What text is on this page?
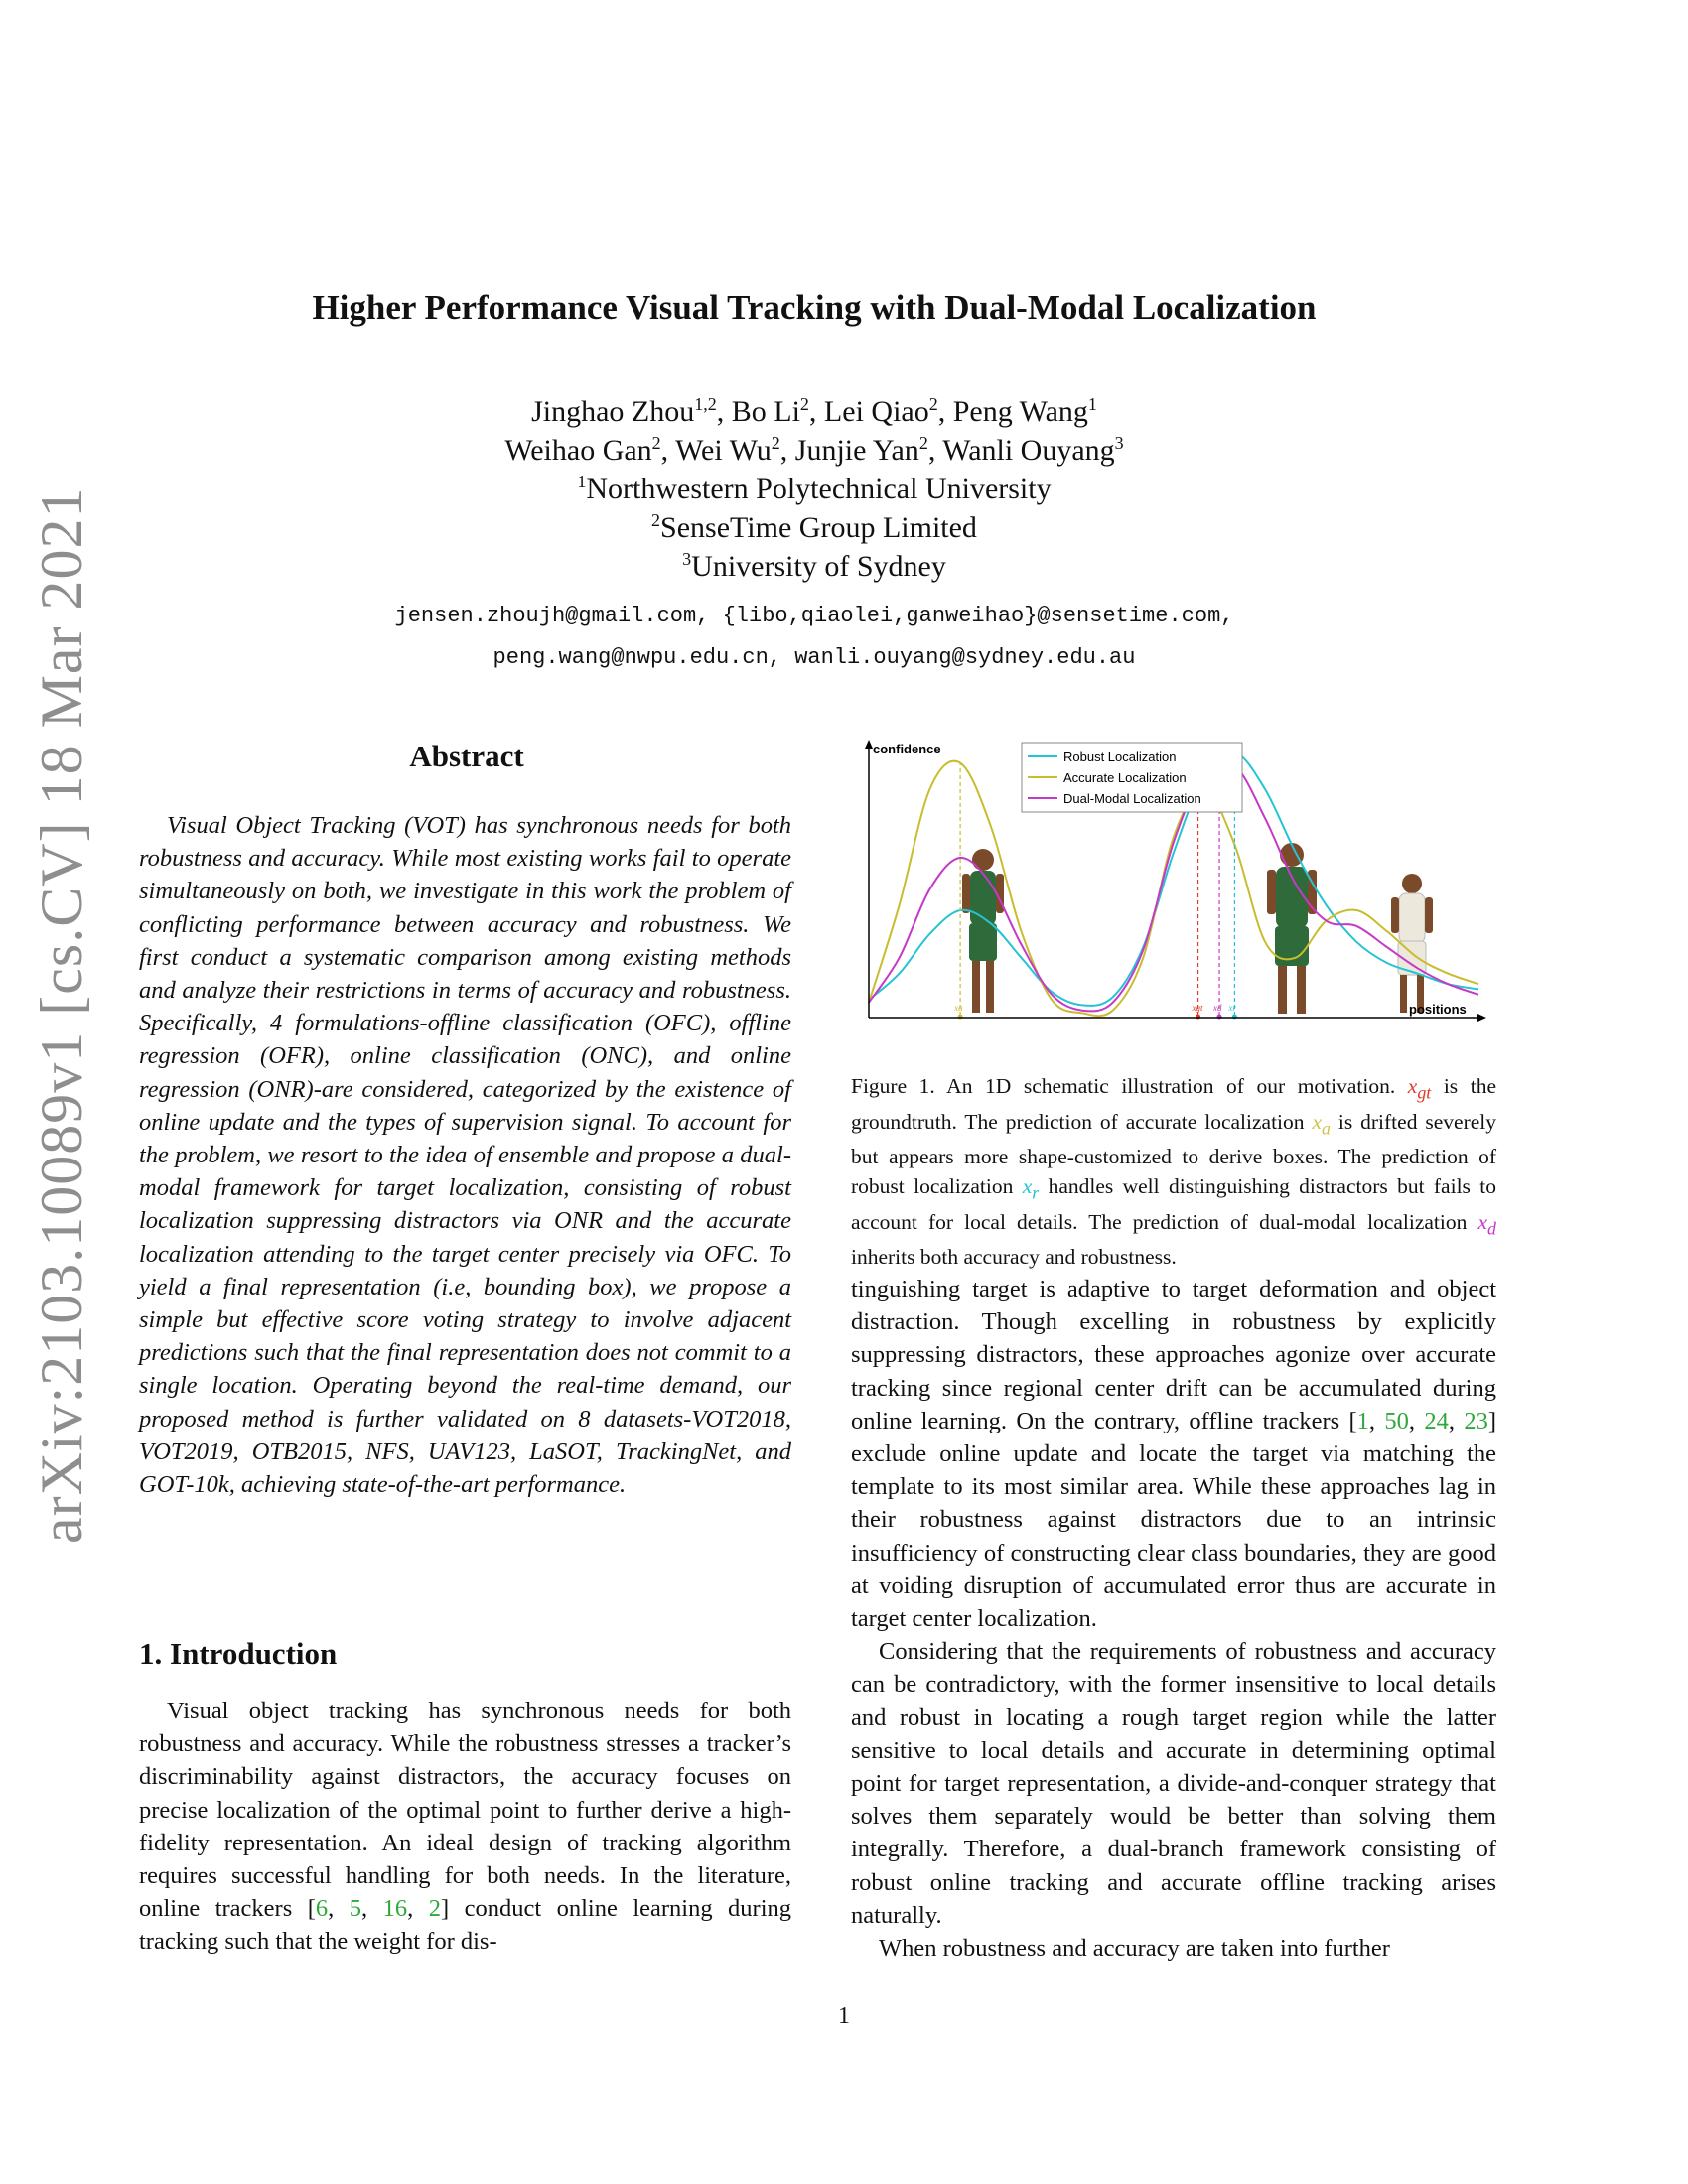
arXiv:2103.10089v1 [cs.CV] 18 Mar 2021
Higher Performance Visual Tracking with Dual-Modal Localization
Jinghao Zhou$^{1,2}$, Bo Li$^2$, Lei Qiao$^2$, Peng Wang$^1$
Weihao Gan$^2$, Wei Wu$^2$, Junjie Yan$^2$, Wanli Ouyang$^3$
$^1$Northwestern Polytechnical University
$^2$SenseTime Group Limited
$^3$University of Sydney
jensen.zhoujh@gmail.com, {libo,qiaolei,ganweihao}@sensetime.com,
peng.wang@nwpu.edu.cn, wanli.ouyang@sydney.edu.au
Abstract

Visual Object Tracking (VOT) has synchronous needs for both robustness and accuracy. While most existing works fail to operate simultaneously on both, we investigate in this work the problem of conflicting performance between accuracy and robustness. We first conduct a systematic comparison among existing methods and analyze their restrictions in terms of accuracy and robustness. Specifically, 4 formulations-offline classification (OFC), offline regression (OFR), online classification (ONC), and online regression (ONR)-are considered, categorized by the existence of online update and the types of supervision signal. To account for the problem, we resort to the idea of ensemble and propose a dual-modal framework for target localization, consisting of robust localization suppressing distractors via ONR and the accurate localization attending to the target center precisely via OFC. To yield a final representation (i.e, bounding box), we propose a simple but effective score voting strategy to involve adjacent predictions such that the final representation does not commit to a single location. Operating beyond the real-time demand, our proposed method is further validated on 8 datasets-VOT2018, VOT2019, OTB2015, NFS, UAV123, LaSOT, TrackingNet, and GOT-10k, achieving state-of-the-art performance.

1. Introduction

Visual object tracking has synchronous needs for both robustness and accuracy. While the robustness stresses a tracker’s discriminability against distractors, the accuracy focuses on precise localization of the optimal point to further derive a high-fidelity representation. An ideal design of tracking algorithm requires successful handling for both needs. In the literature, online trackers [6, 5, 16, 2] conduct online learning during tracking such that the weight for dis-

xa	xgt xd xr
confidence
positions
Robust Localization
Accurate Localization
Dual-Modal Localization

Figure 1. An 1D schematic illustration of our motivation. $x_{gt}$ is the groundtruth. The prediction of accurate localization $x_a$ is drifted severely but appears more shape-customized to derive boxes. The prediction of robust localization $x_r$ handles well distinguishing distractors but fails to account for local details. The prediction of dual-modal localization $x_d$ inherits both accuracy and robustness.

tinguishing target is adaptive to target deformation and object distraction. Though excelling in robustness by explicitly suppressing distractors, these approaches agonize over accurate tracking since regional center drift can be accumulated during online learning. On the contrary, offline trackers [1, 50, 24, 23] exclude online update and locate the target via matching the template to its most similar area. While these approaches lag in their robustness against distractors due to an intrinsic insufficiency of constructing clear class boundaries, they are good at voiding disruption of accumulated error thus are accurate in target center localization.

Considering that the requirements of robustness and accuracy can be contradictory, with the former insensitive to local details and robust in locating a rough target region while the latter sensitive to local details and accurate in determining optimal point for target representation, a divide-and-conquer strategy that solves them separately would be better than solving them integrally. Therefore, a dual-branch framework consisting of robust online tracking and accurate offline tracking arises naturally.

When robustness and accuracy are taken into further

1
